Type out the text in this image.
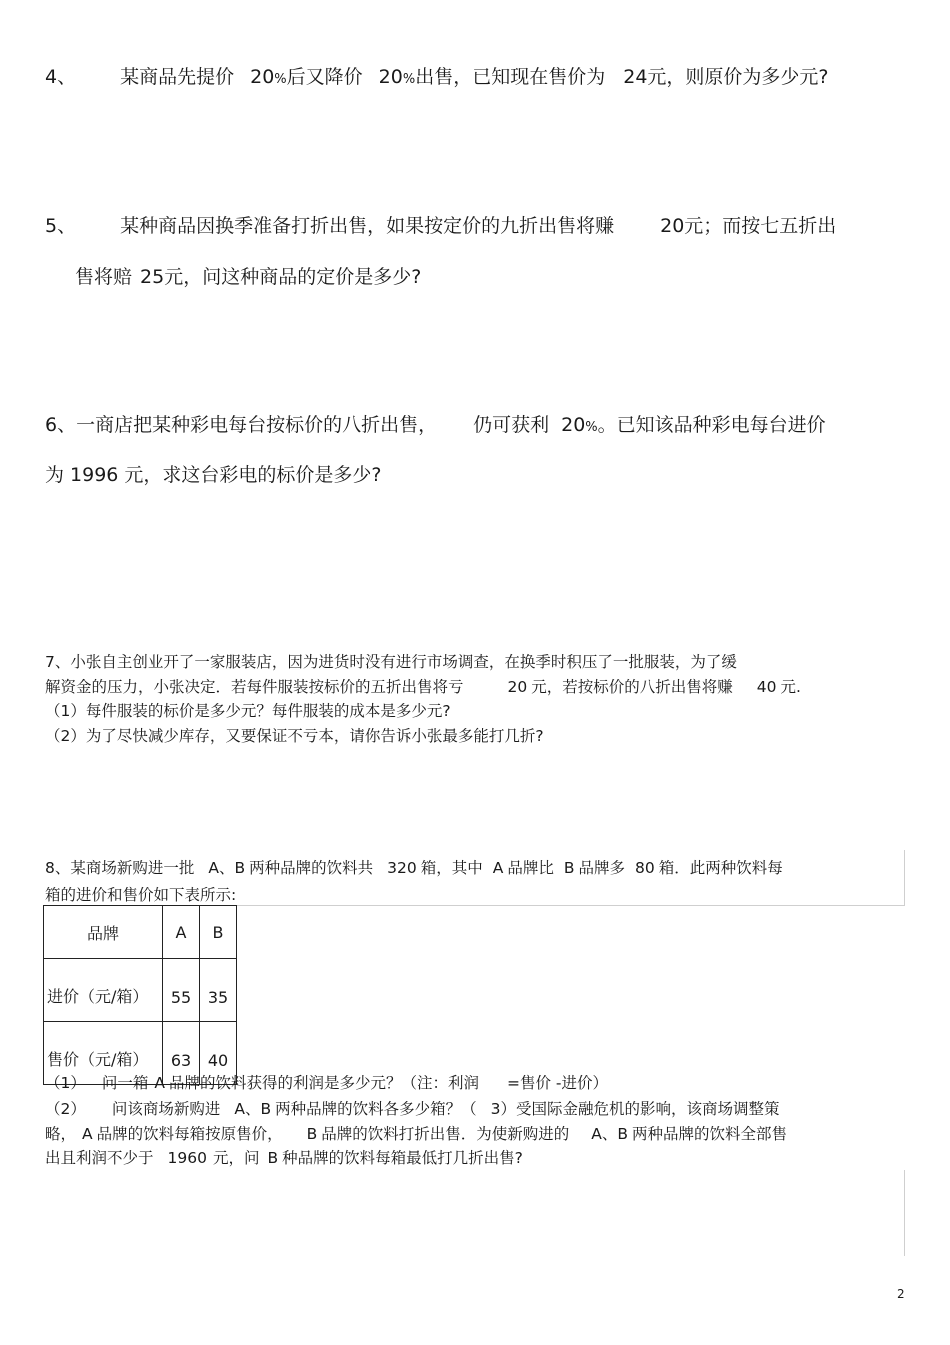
4、 某商品先提价 20%后又降价 20%出售，已知现在售价为 24元，则原价为多少元?
5、 某种商品因换季准备打折出售，如果按定价的九折出售将赚 20元；而按七五折出
售将赔 25元，问这种商品的定价是多少?
6、一商店把某种彩电每台按标价的八折出售， 仍可获利 20%。已知该品种彩电每台进价
为 1996 元，求这台彩电的标价是多少?
7、小张自主创业开了一家服装店，因为进货时没有进行市场调查，在换季时积压了一批服装，为了缓
解资金的压力，小张决定．若每件服装按标价的五折出售将亏	20 元，若按标价的八折出售将赚 40 元.
（1）每件服装的标价是多少元？每件服装的成本是多少元?
（2）为了尽快减少库存，又要保证不亏本，请你告诉小张最多能打几折?
8、某商场新购进一批 A、B 两种品牌的饮料共 320 箱，其中 A 品牌比 B 品牌多 80 箱．此两种饮料每
箱的进价和售价如下表所示:
品牌	A	B
进价（元/箱）	55	35
售价（元/箱）	63	40
（1） 问一箱 A 品牌的饮料获得的利润是多少元？（注：利润 =售价 -进价）
（2） 问该商场新购进 A、B 两种品牌的饮料各多少箱？（ 3）受国际金融危机的影响，该商场调整策
略， A 品牌的饮料每箱按原售价， B 品牌的饮料打折出售．为使新购进的 A、B 两种品牌的饮料全部售
出且利润不少于 1960 元，问 B 种品牌的饮料每箱最低打几折出售?
2
